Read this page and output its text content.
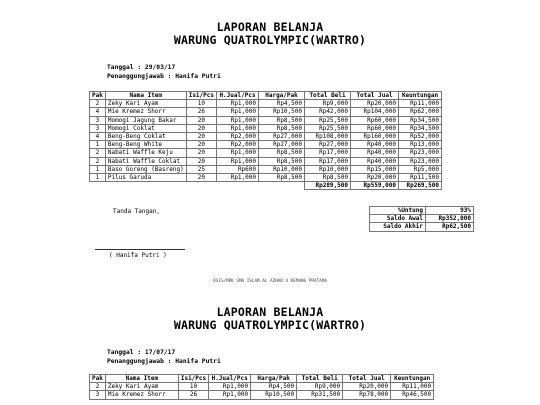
LAPORAN BELANJA
WARUNG QUATROLYMPIC(WARTRO)
Tanggal : 29/03/17
Penanggungjawab : Hanifa Putri
Pak	Nama Item	Isi/Pcs	H.Jual/Pcs	Harga/Pak	Total Beli	Total Jual	Keuntungan
2	Zeky Kari Ayam	10	Rp1,000	Rp4,500	Rp9,000	Rp20,000	Rp11,000
4	Mie Kremez Shorr	26	Rp1,000	Rp10,500	Rp42,000	Rp104,000	Rp62,000
3	Momogi Jagung Bakar	20	Rp1,000	Rp8,500	Rp25,500	Rp60,000	Rp34,500
3	Momogi Coklat	20	Rp1,000	Rp8,500	Rp25,500	Rp60,000	Rp34,500
4	Beng-Beng Coklat	20	Rp2,000	Rp27,000	Rp108,000	Rp160,000	Rp52,000
1	Beng-Beng White	20	Rp2,000	Rp27,000	Rp27,000	Rp40,000	Rp13,000
2	Nabati Waffle Keju	20	Rp1,000	Rp8,500	Rp17,000	Rp40,000	Rp23,000
2	Nabati Waffle Coklat	20	Rp1,000	Rp8,500	Rp17,000	Rp40,000	Rp23,000
1	Baso Goreng (Basreng)	25	Rp600	Rp10,000	Rp10,000	Rp15,000	Rp5,000
1	Pilus Garuda	20	Rp1,000	Rp8,500	Rp8,500	Rp20,000	Rp11,500
					Rp289,500	Rp559,000	Rp269,500
Tanda Tangan,
( Hanifa Putri )
%Untung	93%
Saldo Awal	Rp352,000
Saldo Akhir	Rp62,500
OSIS/MPK SMA ISLAM AL AZHAR 4 KEMANG PRATAMA
LAPORAN BELANJA
WARUNG QUATROLYMPIC(WARTRO)
Tanggal : 17/07/17
Penanggungjawab : Hanifa Putri
Pak	Nama Item	Isi/Pcs	H.Jual/Pcs	Harga/Pak	Total Beli	Total Jual	Keuntungan
2	Zeky Kari Ayam	10	Rp1,000	Rp4,500	Rp9,000	Rp20,000	Rp11,000
3	Mie Kremez Shorr	26	Rp1,000	Rp10,500	Rp31,500	Rp78,000	Rp46,500
